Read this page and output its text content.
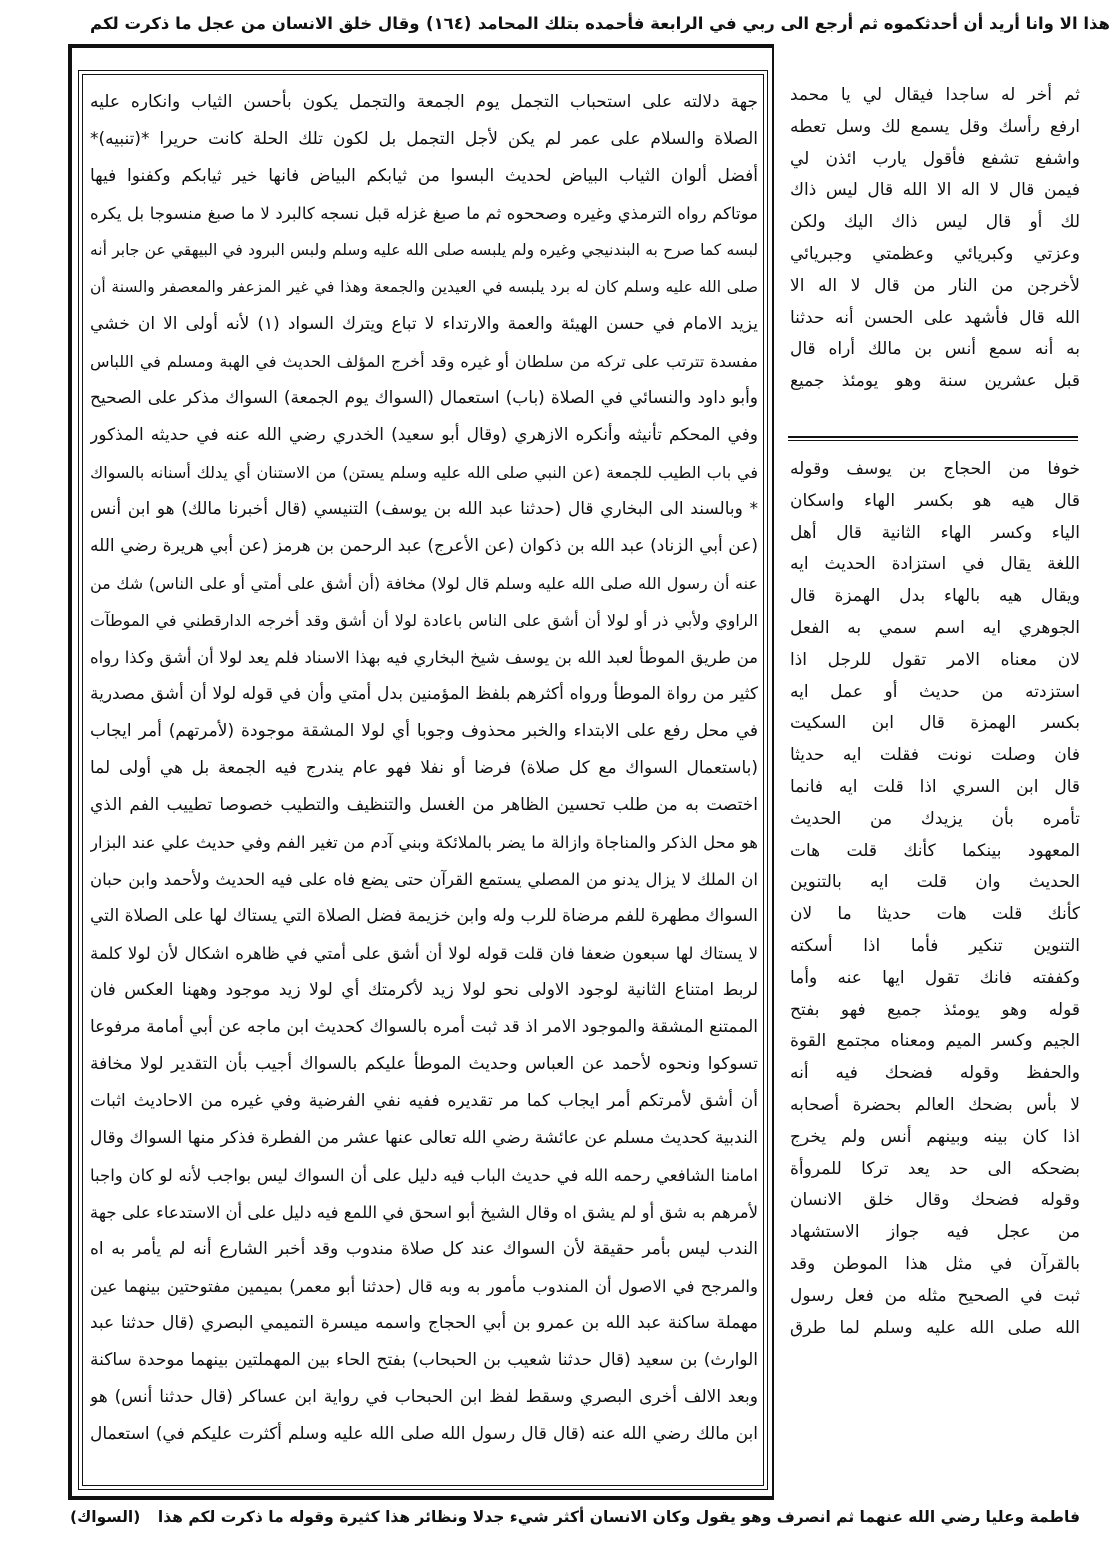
هذا الا وانا أريد أن أحدثكموه ثم أرجع الى ربي في الرابعة فأحمده بتلك المحامد
(١٦٤)
وقال خلق الانسان من عجل ما ذكرت لكم
جهة دلالته على استحباب التجمل يوم الجمعة والتجمل يكون بأحسن الثياب وانكاره عليه
الصلاة والسلام على عمر لم يكن لأجل التجمل بل لكون تلك الحلة كانت حريرا *(تنبيه)*
أفضل ألوان الثياب البياض لحديث البسوا من ثيابكم البياض فانها خير ثيابكم وكفنوا فيها
موتاكم رواه الترمذي وغيره وصححوه ثم ما صبغ غزله قبل نسجه كالبرد لا ما صبغ منسوجا بل يكره
لبسه كما صرح به البندنيجي وغيره ولم يلبسه صلى الله عليه وسلم ولبس البرود في البيهقي عن جابر أنه
صلى الله عليه وسلم كان له برد يلبسه في العيدين والجمعة وهذا في غير المزعفر والمعصفر والسنة أن
يزيد الامام في حسن الهيئة والعمة والارتداء لا تباع ويترك السواد (١) لأنه أولى الا ان خشي
مفسدة تترتب على تركه من سلطان أو غيره وقد أخرج المؤلف الحديث في الهبة ومسلم في اللباس
وأبو داود والنسائي في الصلاة (باب) استعمال (السواك يوم الجمعة) السواك مذكر على الصحيح
وفي المحكم تأنيثه وأنكره الازهري (وقال أبو سعيد) الخدري رضي الله عنه في حديثه المذكور
في باب الطيب للجمعة (عن النبي صلى الله عليه وسلم يستن) من الاستنان أي يدلك أسنانه بالسواك
* وبالسند الى البخاري قال (حدثنا عبد الله بن يوسف) التنيسي (قال أخبرنا مالك) هو ابن أنس
(عن أبي الزناد) عبد الله بن ذكوان (عن الأعرج) عبد الرحمن بن هرمز (عن أبي هريرة رضي الله
عنه أن رسول الله صلى الله عليه وسلم قال لولا) مخافة (أن أشق على أمتي أو على الناس) شك من
الراوي ولأبي ذر أو لولا أن أشق على الناس باعادة لولا أن أشق وقد أخرجه الدارقطني في الموطآت
من طريق الموطأ لعبد الله بن يوسف شيخ البخاري فيه بهذا الاسناد فلم يعد لولا أن أشق وكذا رواه
كثير من رواة الموطأ ورواه أكثرهم بلفظ المؤمنين بدل أمتي وأن في قوله لولا أن أشق مصدرية
في محل رفع على الابتداء والخبر محذوف وجوبا أي لولا المشقة موجودة (لأمرتهم) أمر ايجاب
(باستعمال السواك مع كل صلاة) فرضا أو نفلا فهو عام يندرج فيه الجمعة بل هي أولى لما
اختصت به من طلب تحسين الظاهر من الغسل والتنظيف والتطيب خصوصا تطييب الفم الذي
هو محل الذكر والمناجاة وازالة ما يضر بالملائكة وبني آدم من تغير الفم وفي حديث علي عند البزار
ان الملك لا يزال يدنو من المصلي يستمع القرآن حتى يضع فاه على فيه الحديث ولأحمد وابن حبان
السواك مطهرة للفم مرضاة للرب وله وابن خزيمة فضل الصلاة التي يستاك لها على الصلاة التي
لا يستاك لها سبعون ضعفا فان قلت قوله لولا أن أشق على أمتي في ظاهره اشكال لأن لولا كلمة
لربط امتناع الثانية لوجود الاولى نحو لولا زيد لأكرمتك أي لولا زيد موجود وههنا العكس فان
الممتنع المشقة والموجود الامر اذ قد ثبت أمره بالسواك كحديث ابن ماجه عن أبي أمامة مرفوعا
تسوكوا ونحوه لأحمد عن العباس وحديث الموطأ عليكم بالسواك أجيب بأن التقدير لولا مخافة
أن أشق لأمرتكم أمر ايجاب كما مر تقديره ففيه نفي الفرضية وفي غيره من الاحاديث اثبات
الندبية كحديث مسلم عن عائشة رضي الله تعالى عنها عشر من الفطرة فذكر منها السواك وقال
امامنا الشافعي رحمه الله في حديث الباب فيه دليل على أن السواك ليس بواجب لأنه لو كان واجبا
لأمرهم به شق أو لم يشق اه وقال الشيخ أبو اسحق في اللمع فيه دليل على أن الاستدعاء على جهة
الندب ليس بأمر حقيقة لأن السواك عند كل صلاة مندوب وقد أخبر الشارع أنه لم يأمر به اه
والمرجح في الاصول أن المندوب مأمور به وبه قال (حدثنا أبو معمر) بميمين مفتوحتين بينهما عين
مهملة ساكنة عبد الله بن عمرو بن أبي الحجاج واسمه ميسرة التميمي البصري (قال حدثنا عبد
الوارث) بن سعيد (قال حدثنا شعيب بن الحبحاب) بفتح الحاء بين المهملتين بينهما موحدة ساكنة
وبعد الالف أخرى البصري وسقط لفظ ابن الحبحاب في رواية ابن عساكر (قال حدثنا أنس) هو
ابن مالك رضي الله عنه (قال قال رسول الله صلى الله عليه وسلم أكثرت عليكم في) استعمال
ثم أخر له ساجدا فيقال لي يا محمد
ارفع رأسك وقل يسمع لك وسل تعطه
واشفع تشفع فأقول يارب ائذن لي
فيمن قال لا اله الا الله قال ليس ذاك
لك أو قال ليس ذاك اليك ولكن
وعزتي وكبريائي وعظمتي وجبريائي
لأخرجن من النار من قال لا اله الا
الله قال فأشهد على الحسن أنه حدثنا
به أنه سمع أنس بن مالك أراه قال
قبل عشرين سنة وهو يومئذ جميع
خوفا من الحجاج بن يوسف وقوله
قال هيه هو بكسر الهاء واسكان
الياء وكسر الهاء الثانية قال أهل
اللغة يقال في استزادة الحديث ايه
ويقال هيه بالهاء بدل الهمزة قال
الجوهري ايه اسم سمي به الفعل
لان معناه الامر تقول للرجل اذا
استزدته من حديث أو عمل ايه
بكسر الهمزة قال ابن السكيت
فان وصلت نونت فقلت ايه حديثا
قال ابن السري اذا قلت ايه فانما
تأمره بأن يزيدك من الحديث
المعهود بينكما كأنك قلت هات
الحديث وان قلت ايه بالتنوين
كأنك قلت هات حديثا ما لان
التنوين تنكير فأما اذا أسكته
وكففته فانك تقول ايها عنه وأما
قوله وهو يومئذ جميع فهو بفتح
الجيم وكسر الميم ومعناه مجتمع القوة
والحفظ وقوله فضحك فيه أنه
لا بأس بضحك العالم بحضرة أصحابه
اذا كان بينه وبينهم أنس ولم يخرج
بضحكه الى حد يعد تركا للمروأة
وقوله فضحك وقال خلق الانسان
من عجل فيه جواز الاستشهاد
بالقرآن في مثل هذا الموطن وقد
ثبت في الصحيح مثله من فعل رسول
الله صلى الله عليه وسلم لما طرق
فاطمة وعليا رضي الله عنهما ثم انصرف وهو يقول وكان الانسان أكثر شيء جدلا ونظائر هذا كثيرة وقوله ما ذكرت لكم هذا
(السواك)
